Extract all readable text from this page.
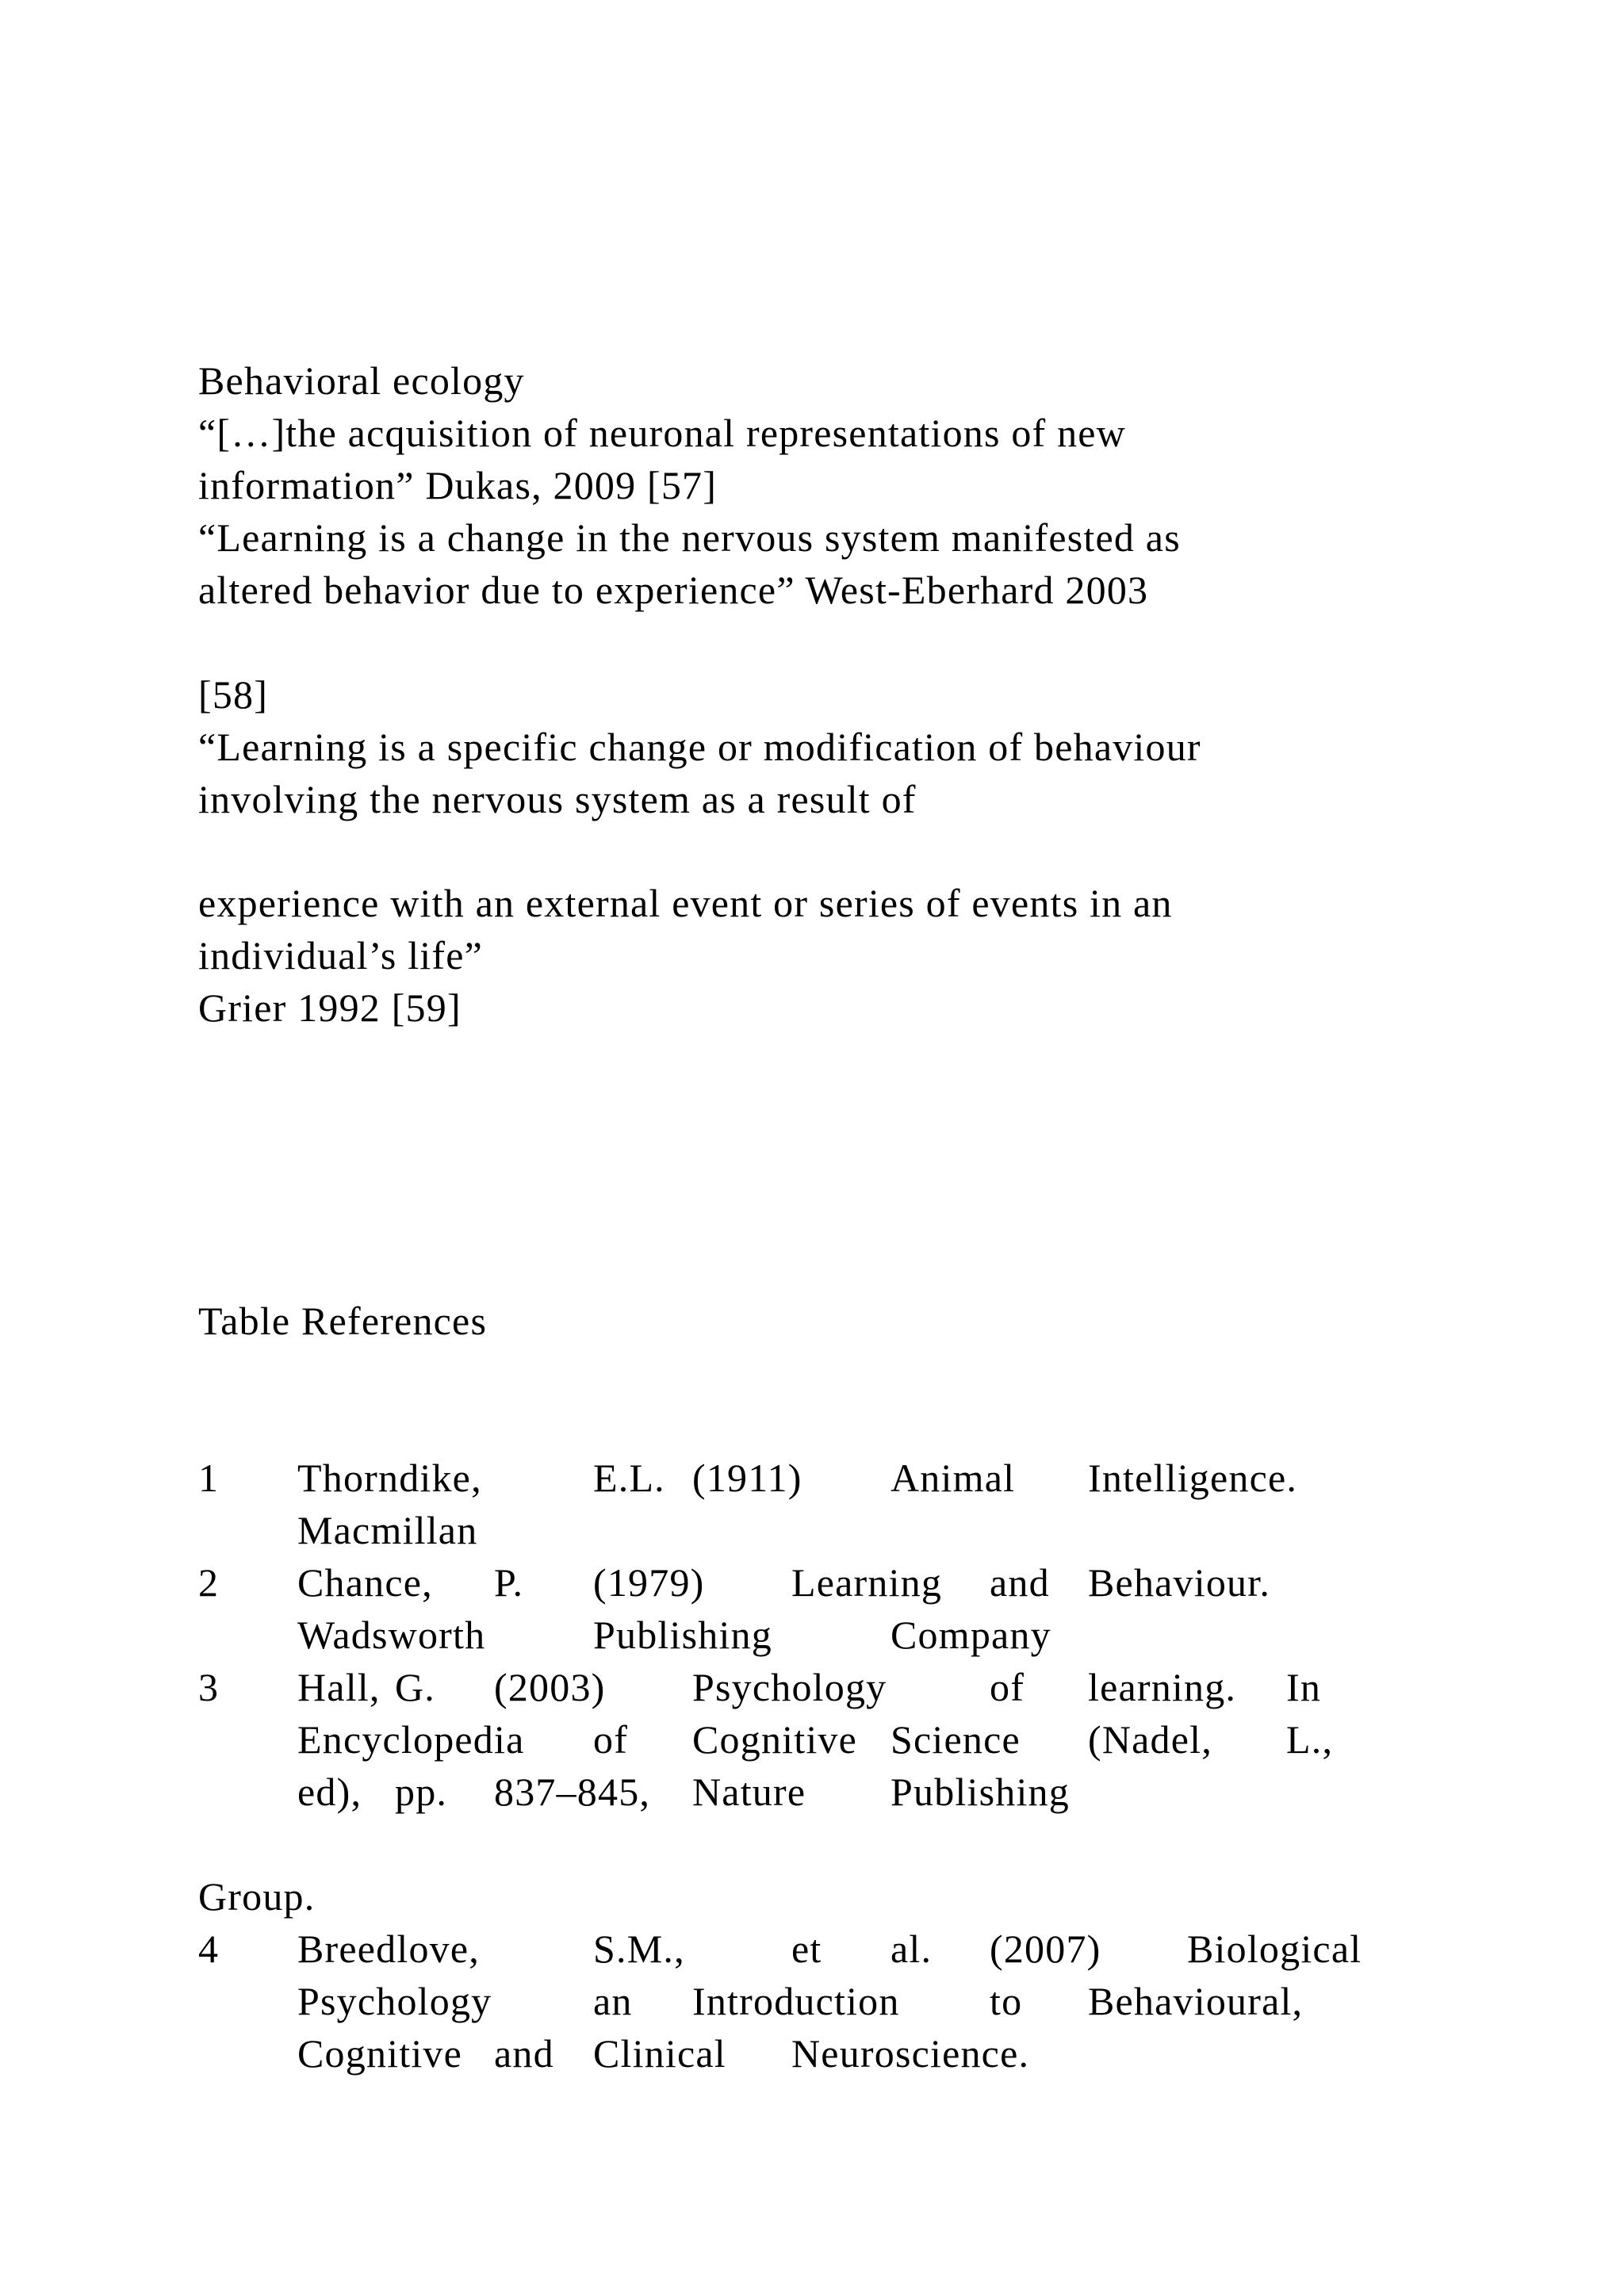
Behavioral ecology
“[…]the acquisition of neuronal representations of new
information” Dukas, 2009 [57]
“Learning is a change in the nervous system manifested as
altered behavior due to experience” West-Eberhard 2003
[58]
“Learning is a specific change or modification of behaviour
involving the nervous system as a result of
experience with an external event or series of events in an
individual’s life”
Grier 1992 [59]
Table References
1 Thorndike,	E.L. (1911) Animal Intelligence.
Macmillan
2 Chance, P. (1979) Learning and Behaviour.
Wadsworth	Publishing	Company
3 Hall, G. (2003) Psychology	of learning. In
Encyclopedia of Cognitive Science (Nadel, L.,
ed), pp. 837–845, Nature Publishing
Group.
4 Breedlove,	S.M.,	et al. (2007) Biological
Psychology	an Introduction to Behavioural,
Cognitive and Clinical Neuroscience.
